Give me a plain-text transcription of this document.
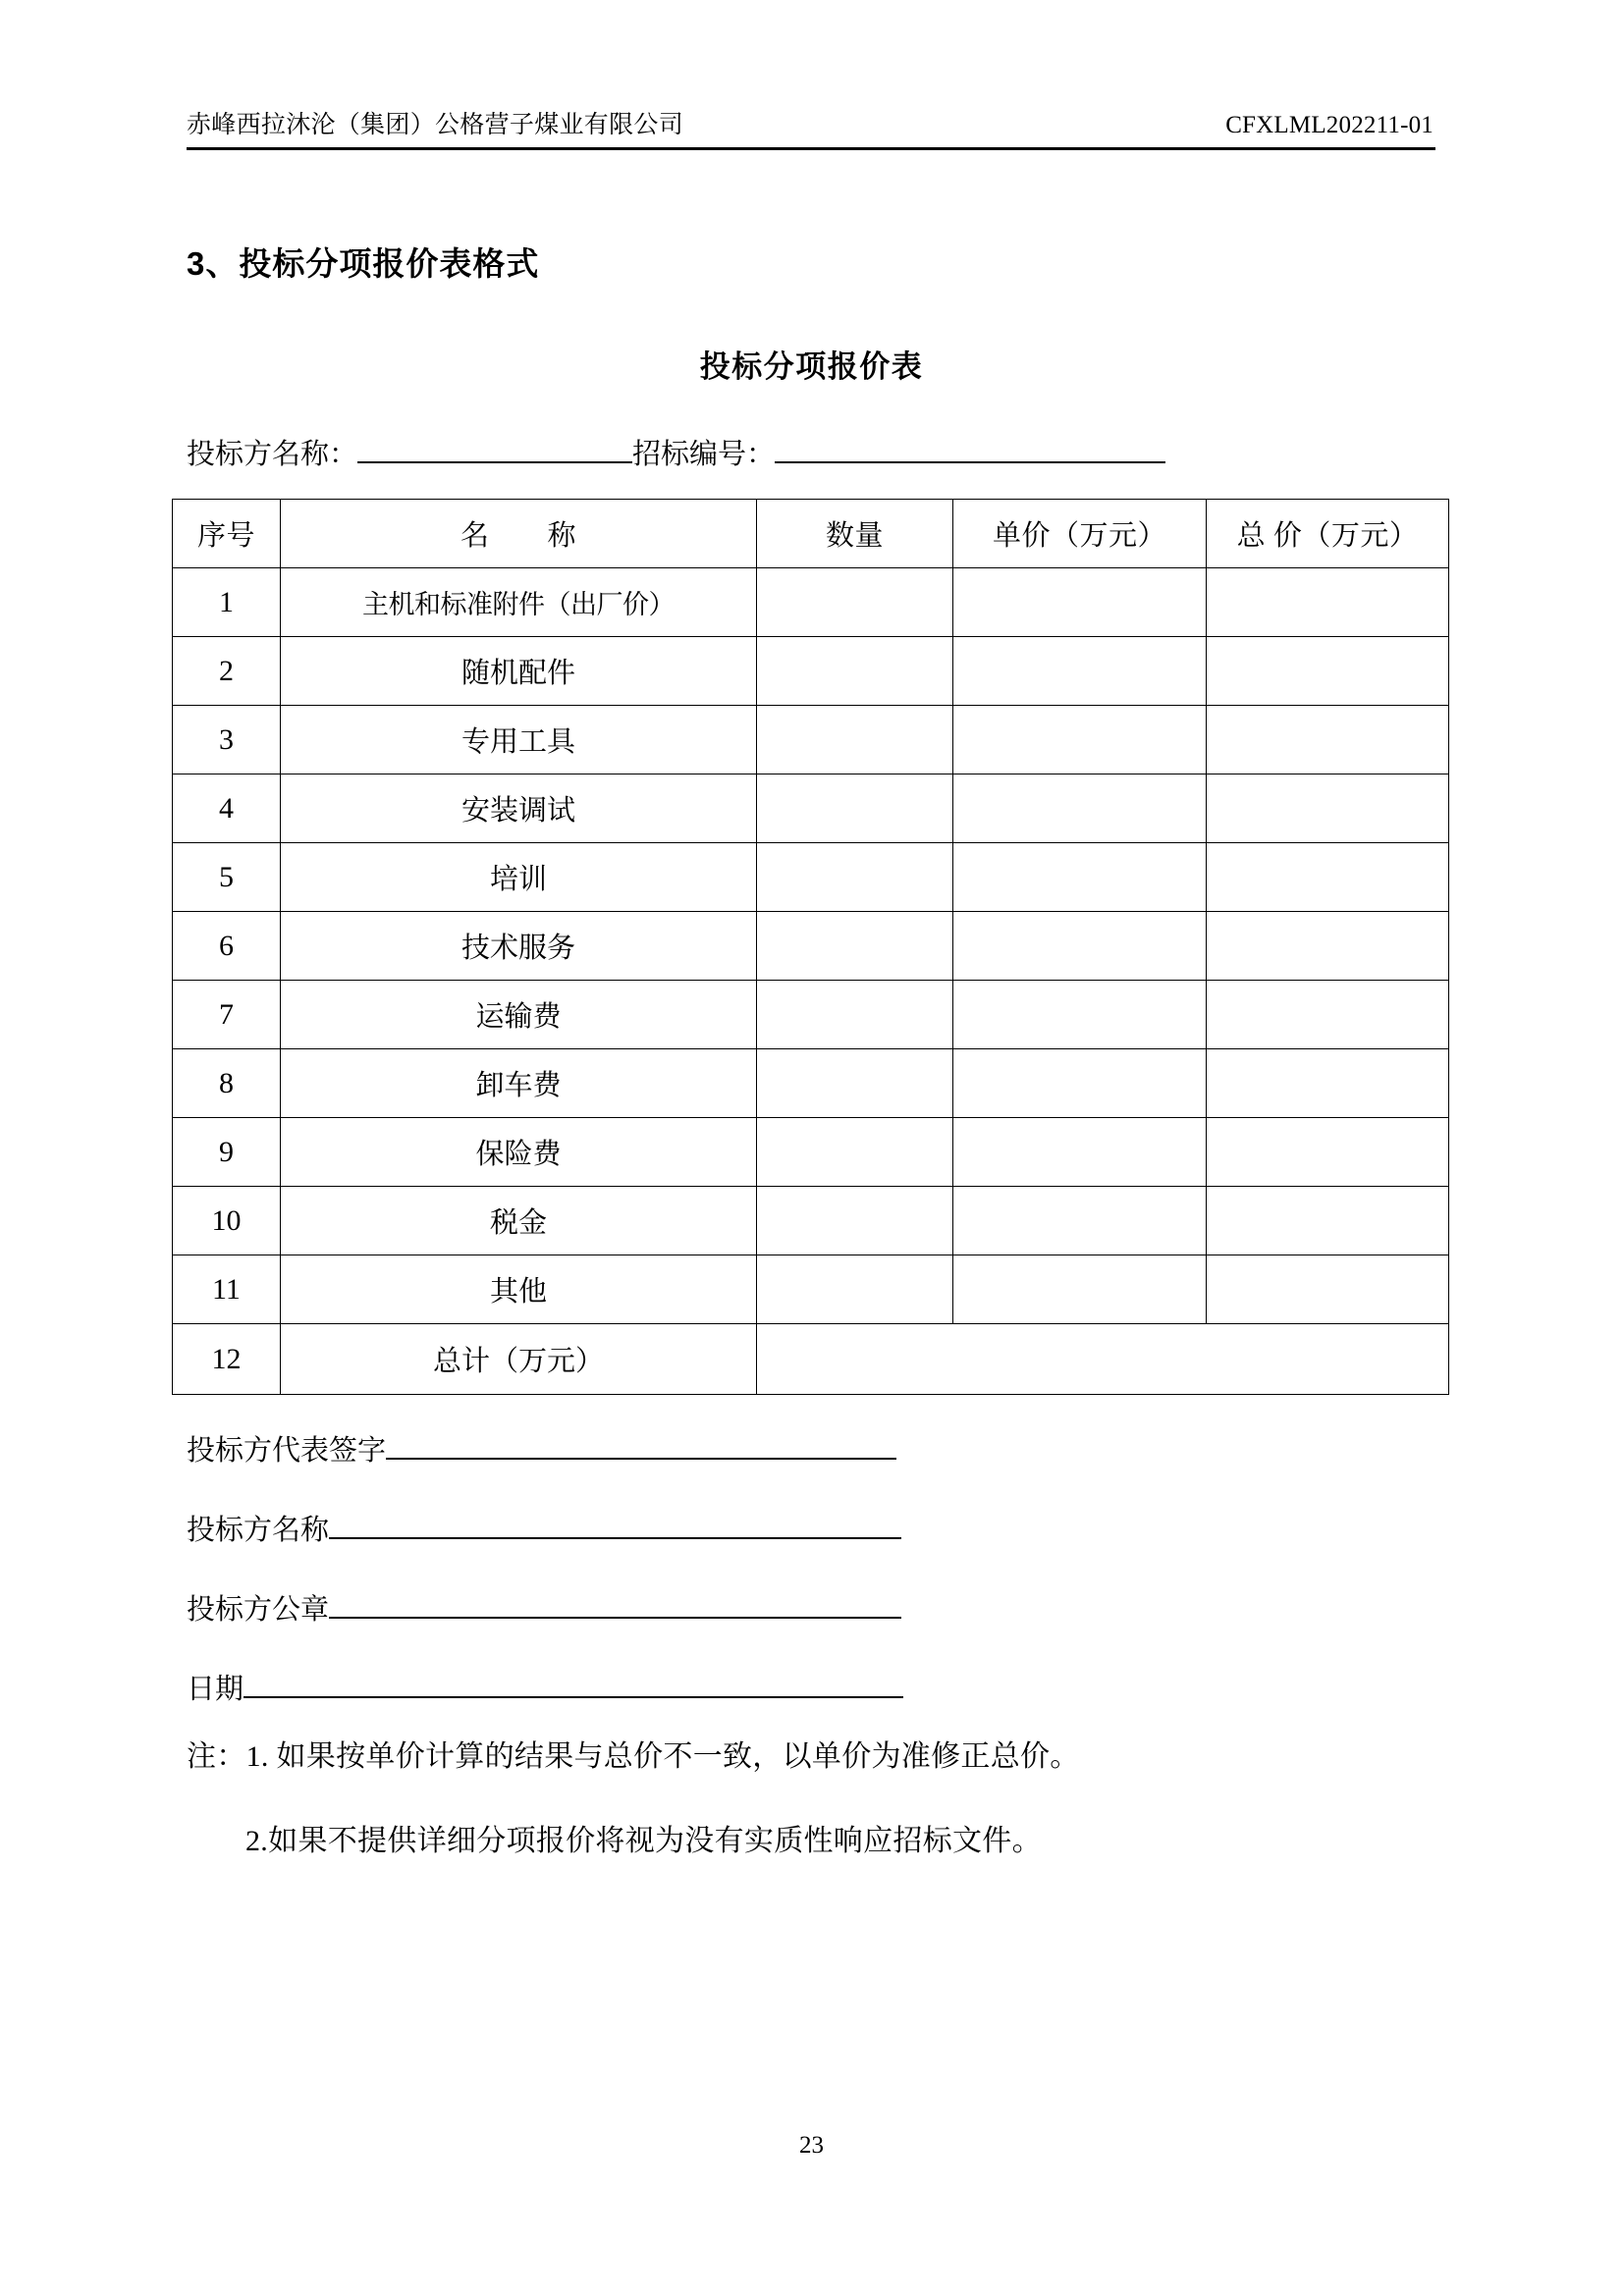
赤峰西拉沐沦（集团）公格营子煤业有限公司	CFXLML202211-01
3、投标分项报价表格式
投标分项报价表
投标方名称：	招标编号：
序号	名　　称	数量	单价（万元）	总 价（万元）
1	主机和标准附件（出厂价）			
2	随机配件			
3	专用工具			
4	安装调试			
5	培训			
6	技术服务			
7	运输费			
8	卸车费			
9	保险费			
10	税金			
11	其他			
12	总计（万元）			
投标方代表签字
投标方名称
投标方公章
日期

注：1. 如果按单价计算的结果与总价不一致，以单价为准修正总价。

2.如果不提供详细分项报价将视为没有实质性响应招标文件。

23
